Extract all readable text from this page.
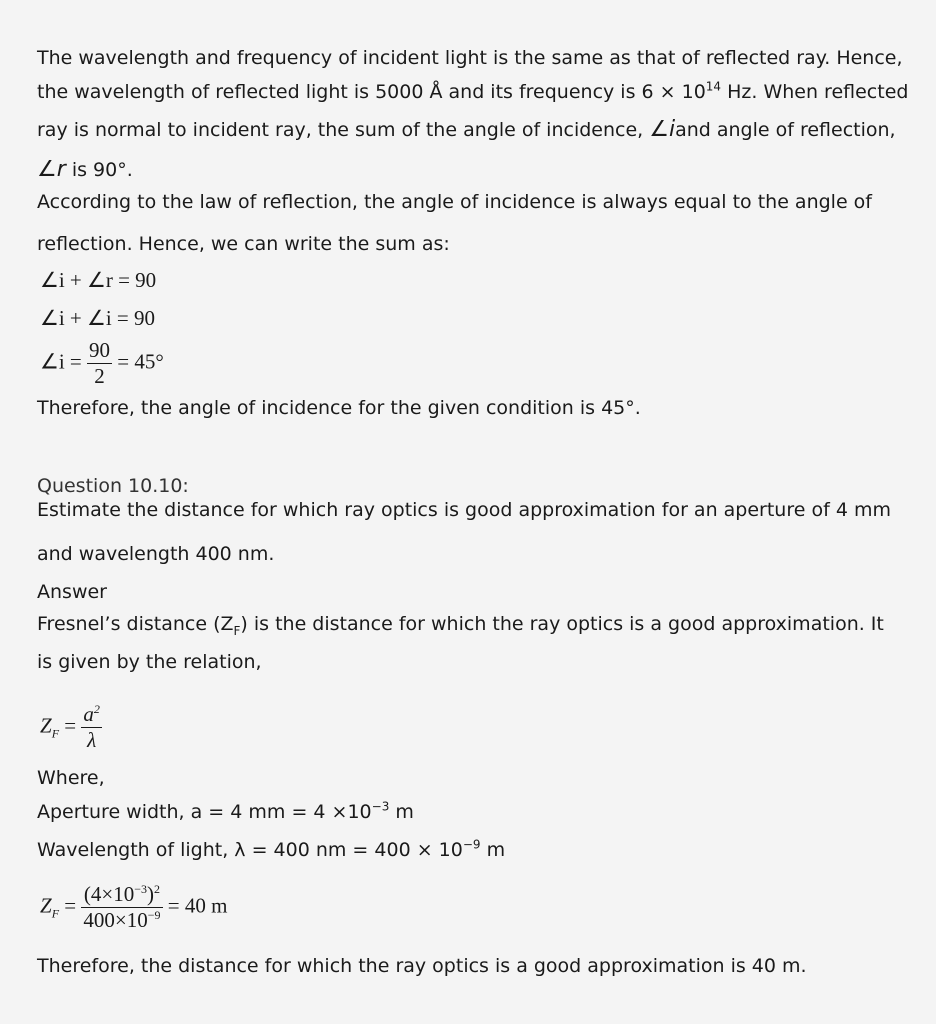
The wavelength and frequency of incident light is the same as that of reflected ray. Hence,
the wavelength of reflected light is 5000 Å and its frequency is $6 \times 10^{14}$ Hz. When reflected
ray is normal to incident ray, the sum of the angle of incidence, ∠iand angle of reflection,
∠r is 90°.
According to the law of reflection, the angle of incidence is always equal to the angle of
reflection. Hence, we can write the sum as:
∠i + ∠r = 90
∠i + ∠i = 90
∠i = $\frac{90}{2} = 45^\circ$
Therefore, the angle of incidence for the given condition is 45°.
Question 10.10:
Estimate the distance for which ray optics is good approximation for an aperture of 4 mm
and wavelength 400 nm.
Answer
Fresnel’s distance $(Z_F)$ is the distance for which the ray optics is a good approximation. It
is given by the relation,
$Z_F = \frac{a^2}{\lambda}$
Where,
Aperture width, a = 4 mm = $4 \times 10^{-3}$ m
Wavelength of light, λ = 400 nm = $400 \times 10^{-9}$ m
$Z_F = \frac{(4\times 10^{-3})^2}{400\times 10^{-9}} = 40$ m
Therefore, the distance for which the ray optics is a good approximation is 40 m.
